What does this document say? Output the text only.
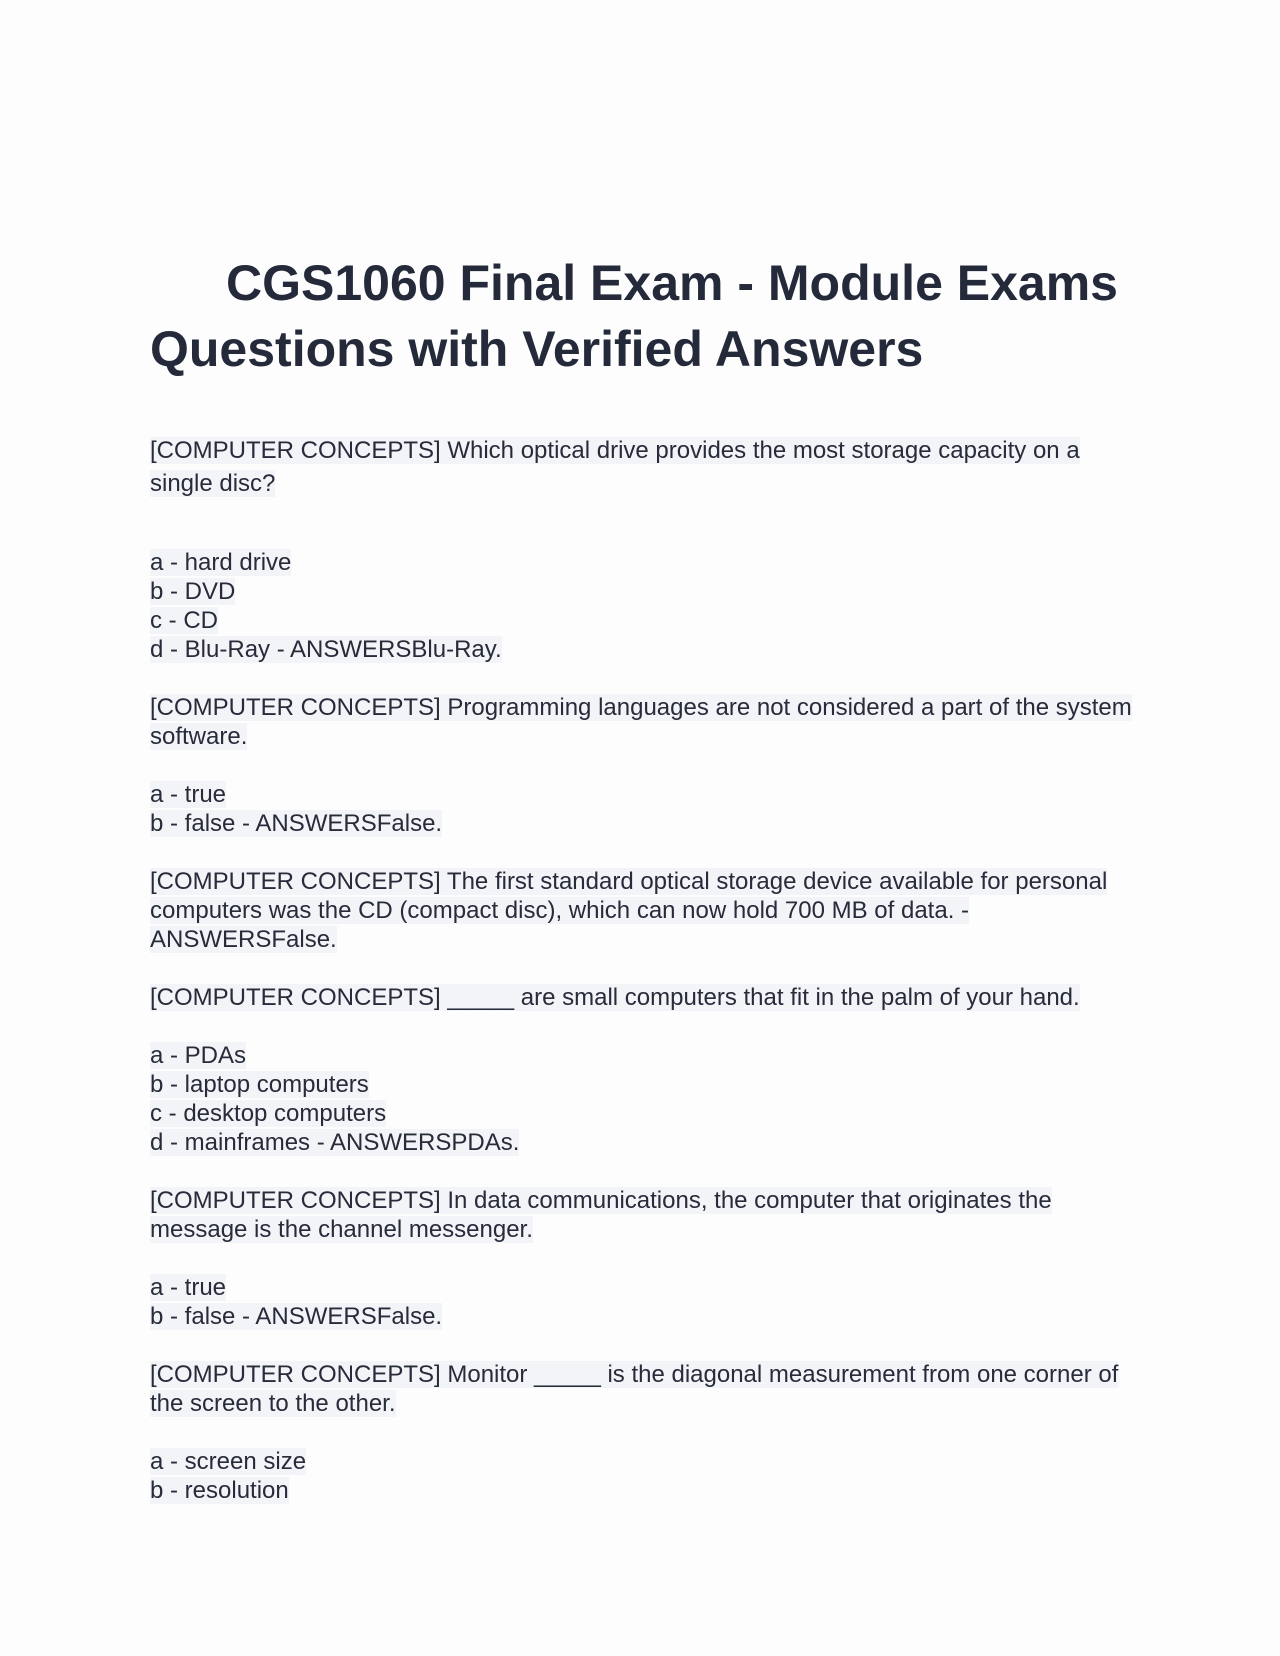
CGS1060 Final Exam - Module Exams Questions with Verified Answers

[COMPUTER CONCEPTS] Which optical drive provides the most storage capacity on a single disc?

a - hard drive
b - DVD
c - CD
d - Blu-Ray - ANSWERSBlu-Ray.

[COMPUTER CONCEPTS] Programming languages are not considered a part of the system software.

a - true
b - false - ANSWERSFalse.

[COMPUTER CONCEPTS] The first standard optical storage device available for personal computers was the CD (compact disc), which can now hold 700 MB of data. - ANSWERSFalse.

[COMPUTER CONCEPTS] _____ are small computers that fit in the palm of your hand.

a - PDAs
b - laptop computers
c - desktop computers
d - mainframes - ANSWERSPDAs.

[COMPUTER CONCEPTS] In data communications, the computer that originates the message is the channel messenger.

a - true
b - false - ANSWERSFalse.

[COMPUTER CONCEPTS] Monitor _____ is the diagonal measurement from one corner of the screen to the other.

a - screen size
b - resolution
